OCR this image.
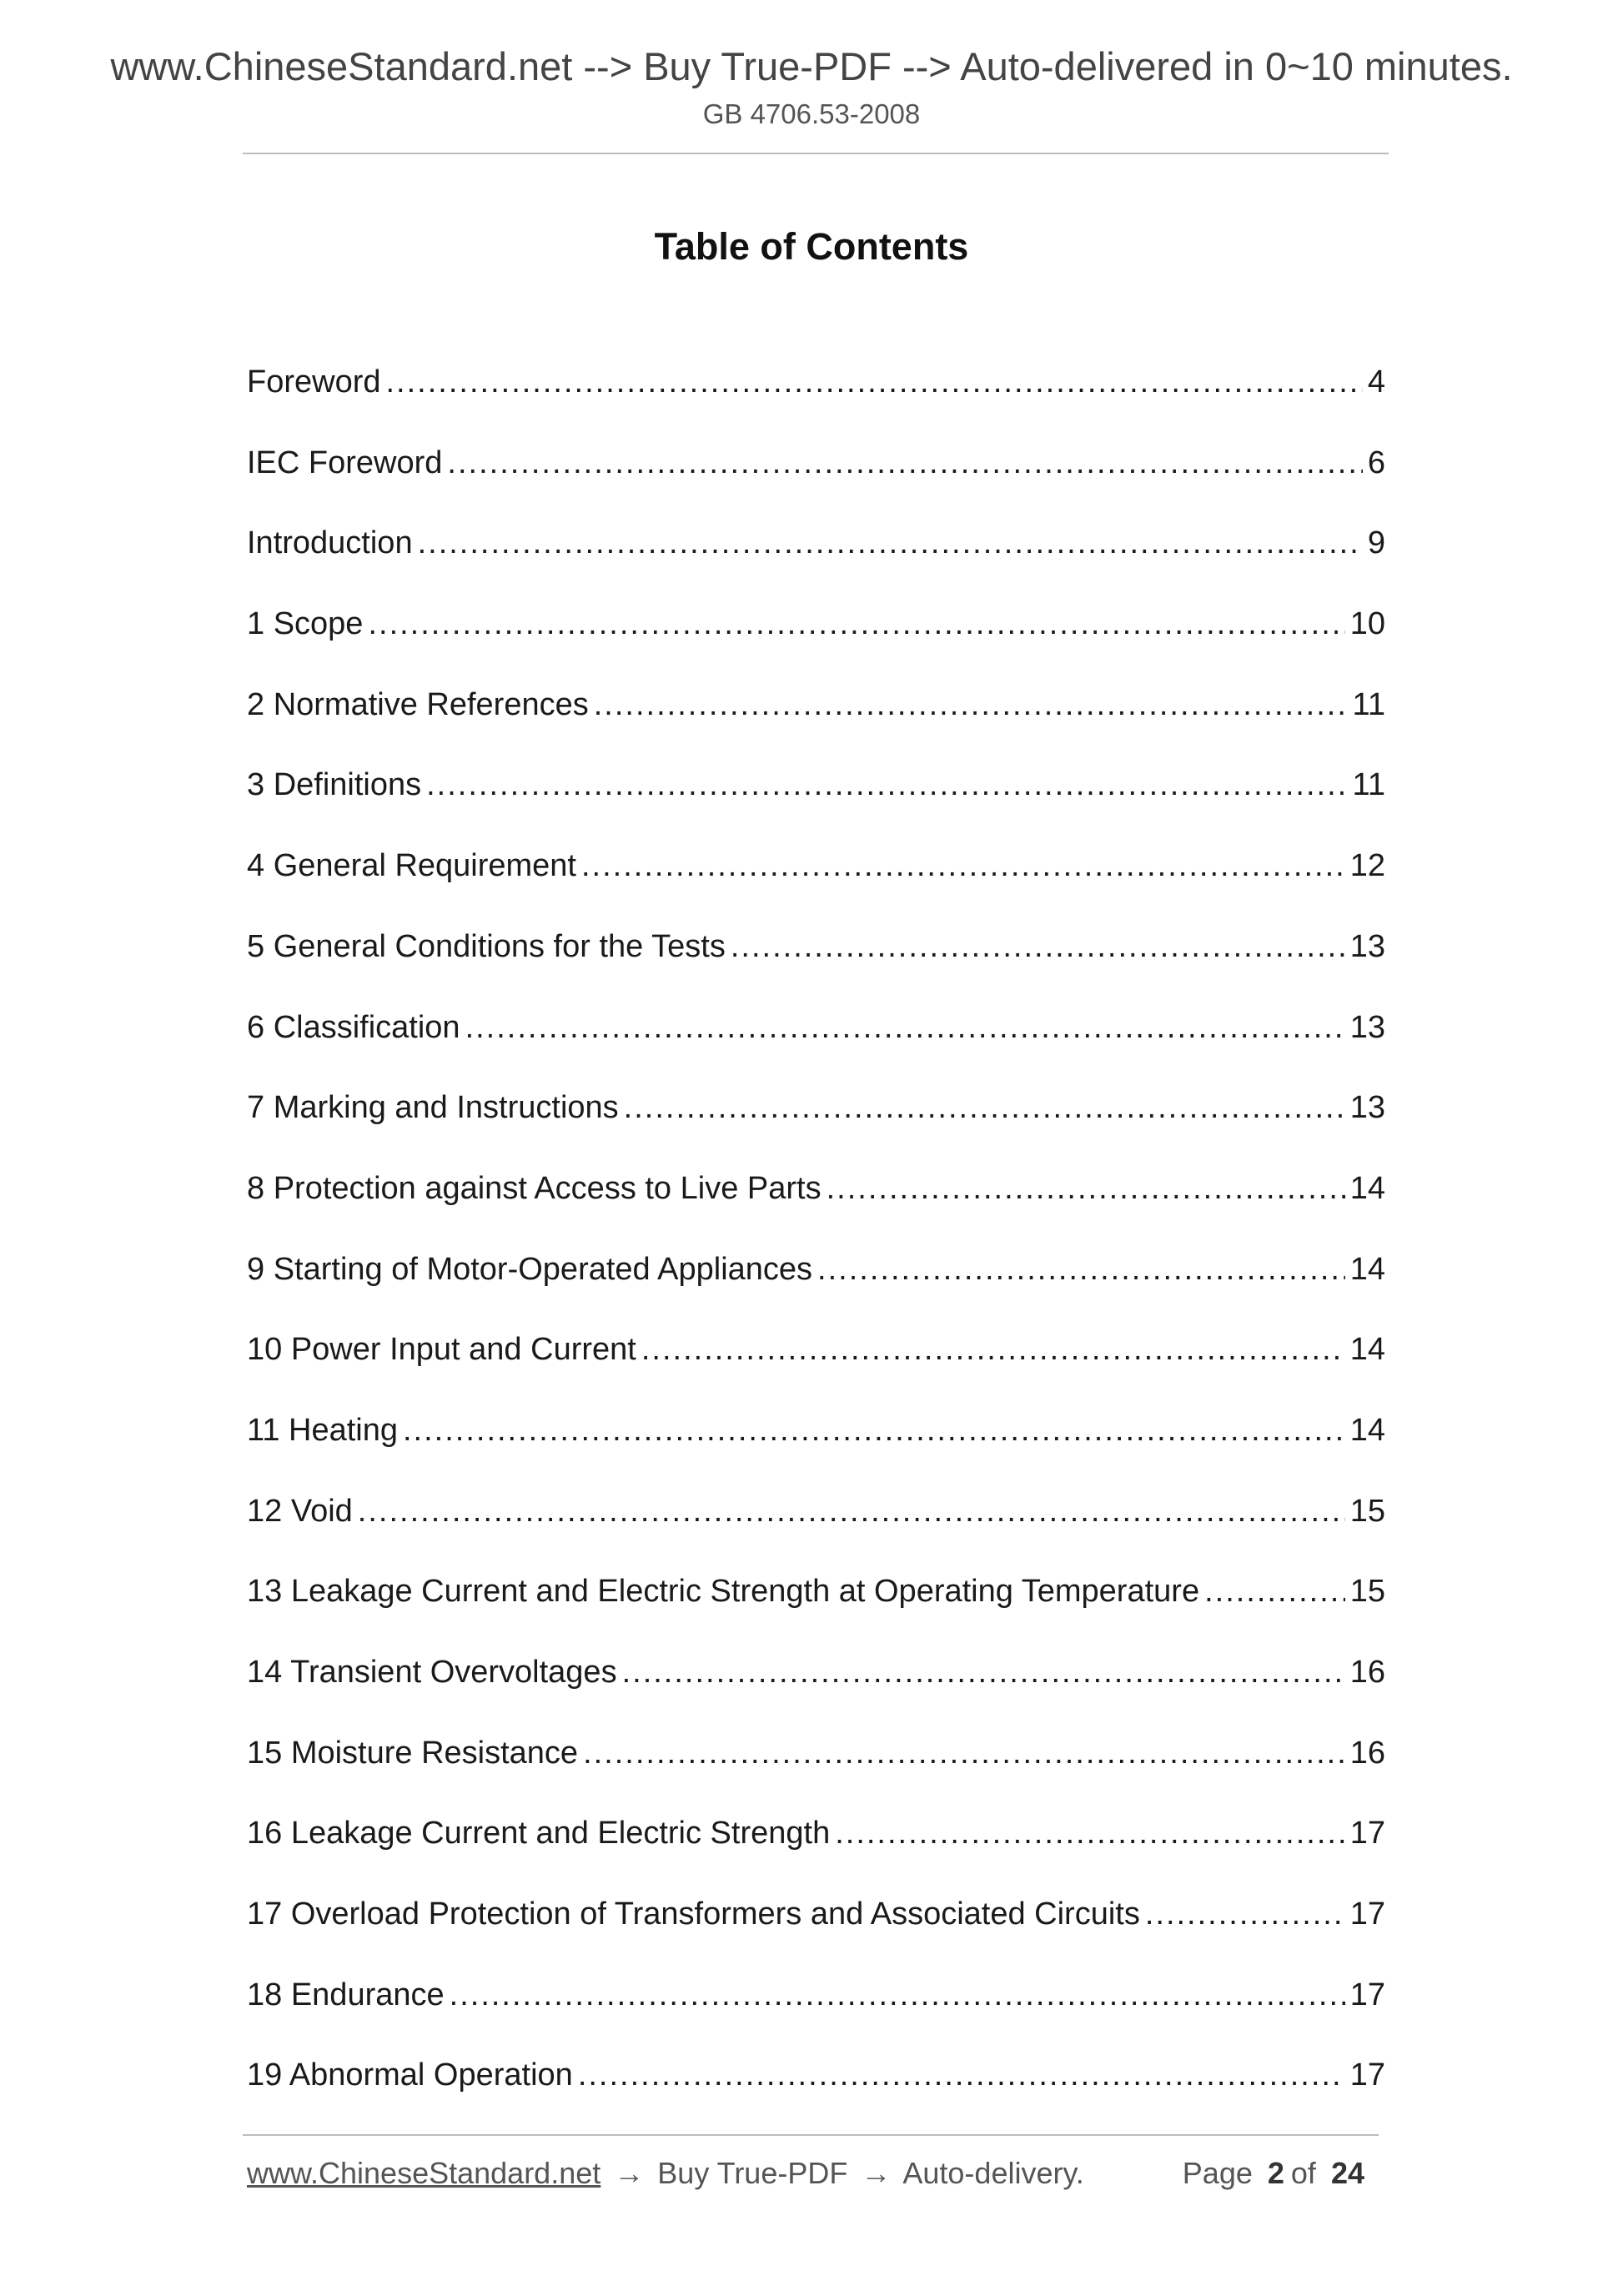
www.ChineseStandard.net --> Buy True-PDF --> Auto-delivered in 0~10 minutes.
GB 4706.53-2008
Table of Contents
Foreword .....	4
IEC Foreword .....	6
Introduction .....	9
1 Scope .....	10
2 Normative References .....	11
3 Definitions .....	11
4 General Requirement .....	12
5 General Conditions for the Tests .....	13
6 Classification .....	13
7 Marking and Instructions .....	13
8 Protection against Access to Live Parts .....	14
9 Starting of Motor-Operated Appliances .....	14
10 Power Input and Current .....	14
11 Heating .....	14
12 Void .....	15
13 Leakage Current and Electric Strength at Operating Temperature .....	15
14 Transient Overvoltages .....	16
15 Moisture Resistance .....	16
16 Leakage Current and Electric Strength .....	17
17 Overload Protection of Transformers and Associated Circuits .....	17
18 Endurance .....	17
19 Abnormal Operation .....	17
www.ChineseStandard.net → Buy True-PDF → Auto-delivery.	Page 2 of 24
